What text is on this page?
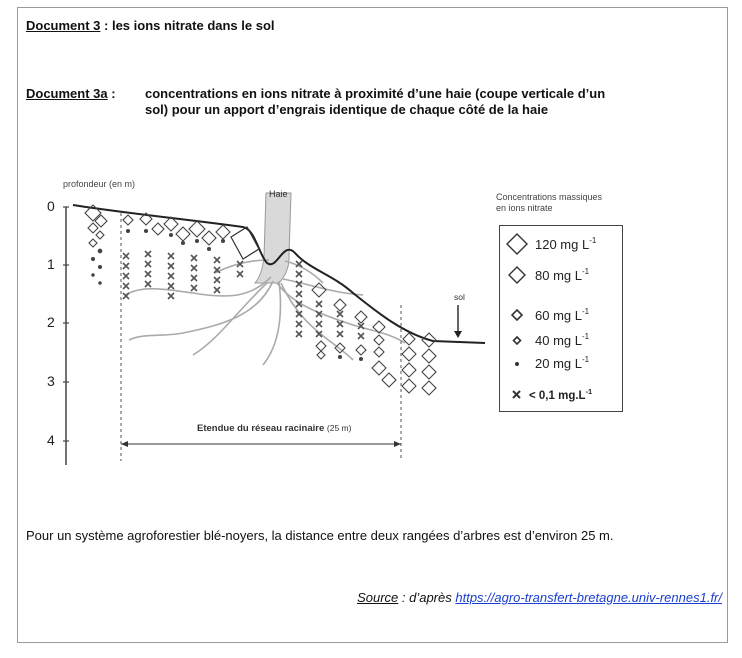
Document 3 : les ions nitrate dans le sol
Document 3a : concentrations en ions nitrate à proximité d’une haie (coupe verticale d’un
sol) pour un apport d’engrais identique de chaque côté de la haie
profondeur (en m)
0
1
2
3
4
Haie
Etendue du réseau racinaire (25 m)
sol
Concentrations massiques
en ions nitrate
120 mg $L^{-1}$
80 mg $L^{-1}$
60 mg $L^{-1}$
40 mg $L^{-1}$
20 mg $L^{-1}$
< 0,1 $mg.L^{-1}$
Pour un système agroforestier blé-noyers, la distance entre deux rangées d’arbres est d’environ 25 m.
Source : d’après https://agro-transfert-bretagne.univ-rennes1.fr/
